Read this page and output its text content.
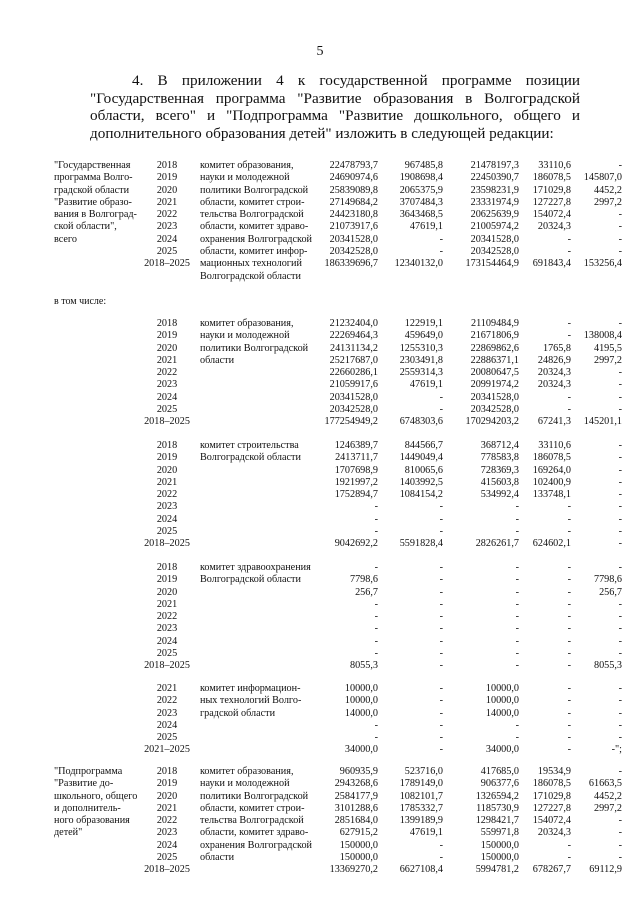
5
4. В приложении 4 к государственной программе позиции "Государственная программа "Развитие образования в Волгоградской области, всего" и "Подпрограмма "Развитие дошкольного, общего и дополнительного образования детей" изложить в следующей редакции:
в том числе:
"Государственная
программа Волго-
градской области
"Развитие образо-
вания в Волгоград-
ской области",
всего
2018
2019
2020
2021
2022
2023
2024
2025
2018–2025
комитет образования,
науки и молодежной
политики Волгоградской
области, комитет строи-
тельства Волгоградской
области, комитет здраво-
охранения Волгоградской
области, комитет инфор-
мационных технологий
Волгоградской области
22478793,7
24690974,6
25839089,8
27149684,2
24423180,8
21073917,6
20341528,0
20342528,0
186339696,7
967485,8
1908698,4
2065375,9
3707484,3
3643468,5
47619,1
-
-
12340132,0
21478197,3
22450390,7
23598231,9
23331974,9
20625639,9
21005974,2
20341528,0
20342528,0
173154464,9
33110,6
186078,5
171029,8
127227,8
154072,4
20324,3
-
-
691843,4
-
145807,0
4452,2
2997,2
-
-
-
-
153256,4
2018
2019
2020
2021
2022
2023
2024
2025
2018–2025
комитет образования,
науки и молодежной
политики Волгоградской
области
21232404,0
22269464,3
24131134,2
25217687,0
22660286,1
21059917,6
20341528,0
20342528,0
177254949,2
122919,1
459649,0
1255310,3
2303491,8
2559314,3
47619,1
-
-
6748303,6
21109484,9
21671806,9
22869862,6
22886371,1
20080647,5
20991974,2
20341528,0
20342528,0
170294203,2
-
-
1765,8
24826,9
20324,3
20324,3
-
-
67241,3
-
138008,4
4195,5
2997,2
-
-
-
-
145201,1
2018
2019
2020
2021
2022
2023
2024
2025
2018–2025
комитет строительства
Волгоградской области
1246389,7
2413711,7
1707698,9
1921997,2
1752894,7
-
-
-
9042692,2
844566,7
1449049,4
810065,6
1403992,5
1084154,2
-
-
-
5591828,4
368712,4
778583,8
728369,3
415603,8
534992,4
-
-
-
2826261,7
33110,6
186078,5
169264,0
102400,9
133748,1
-
-
-
624602,1
-
-
-
-
-
-
-
-
-
2018
2019
2020
2021
2022
2023
2024
2025
2018–2025
комитет здравоохранения
Волгоградской области
-
7798,6
256,7
-
-
-
-
-
8055,3
-
-
-
-
-
-
-
-
-
-
-
-
-
-
-
-
-
-
-
-
-
-
-
-
-
-
-
-
7798,6
256,7
-
-
-
-
-
8055,3
2021
2022
2023
2024
2025
2021–2025
комитет информацион-
ных технологий Волго-
градской области
10000,0
10000,0
14000,0
-
-
34000,0
-
-
-
-
-
-
10000,0
10000,0
14000,0
-
-
34000,0
-
-
-
-
-
-
-
-
-
-
-
-";
"Подпрограмма
"Развитие до-
школьного, общего
и дополнитель-
ного образования
детей"
2018
2019
2020
2021
2022
2023
2024
2025
2018–2025
комитет образования,
науки и молодежной
политики Волгоградской
области, комитет строи-
тельства Волгоградской
области, комитет здраво-
охранения Волгоградской
области
960935,9
2943268,6
2584177,9
3101288,6
2851684,0
627915,2
150000,0
150000,0
13369270,2
523716,0
1789149,0
1082101,7
1785332,7
1399189,9
47619,1
-
-
6627108,4
417685,0
906377,6
1326594,2
1185730,9
1298421,7
559971,8
150000,0
150000,0
5994781,2
19534,9
186078,5
171029,8
127227,8
154072,4
20324,3
-
-
678267,7
-
61663,5
4452,2
2997,2
-
-
-
-
69112,9
